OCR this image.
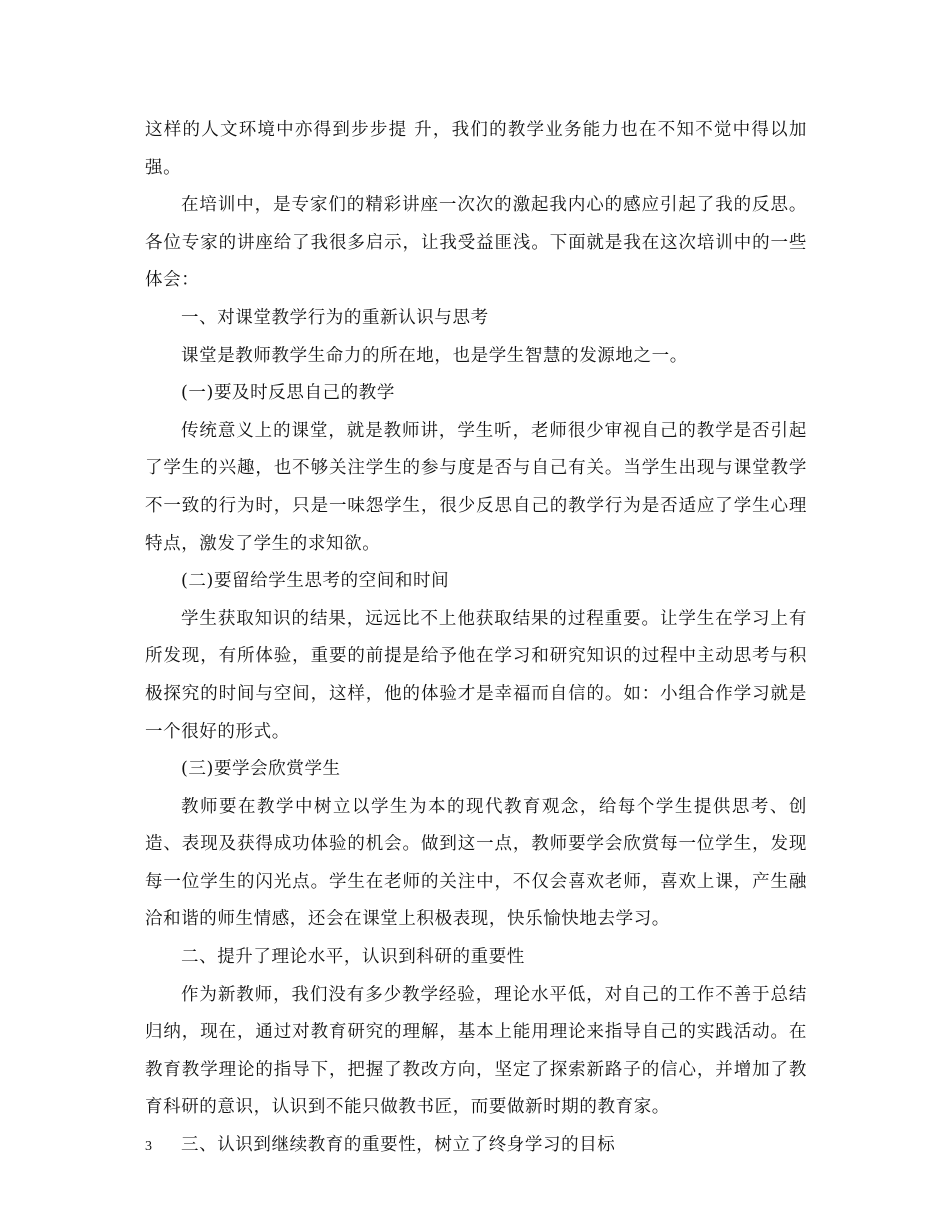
这样的人文环境中亦得到步步提 升，我们的教学业务能力也在不知不觉中得以加强。

在培训中，是专家们的精彩讲座一次次的激起我内心的感应引起了我的反思。各位专家的讲座给了我很多启示，让我受益匪浅。下面就是我在这次培训中的一些体会：

一、对课堂教学行为的重新认识与思考

课堂是教师教学生命力的所在地，也是学生智慧的发源地之一。

(一)要及时反思自己的教学

传统意义上的课堂，就是教师讲，学生听，老师很少审视自己的教学是否引起了学生的兴趣，也不够关注学生的参与度是否与自己有关。当学生出现与课堂教学不一致的行为时，只是一味怨学生，很少反思自己的教学行为是否适应了学生心理特点，激发了学生的求知欲。

(二)要留给学生思考的空间和时间

学生获取知识的结果，远远比不上他获取结果的过程重要。让学生在学习上有所发现，有所体验，重要的前提是给予他在学习和研究知识的过程中主动思考与积极探究的时间与空间，这样，他的体验才是幸福而自信的。如：小组合作学习就是一个很好的形式。

(三)要学会欣赏学生

教师要在教学中树立以学生为本的现代教育观念，给每个学生提供思考、创造、表现及获得成功体验的机会。做到这一点，教师要学会欣赏每一位学生，发现每一位学生的闪光点。学生在老师的关注中，不仅会喜欢老师，喜欢上课，产生融洽和谐的师生情感，还会在课堂上积极表现，快乐愉快地去学习。

二、提升了理论水平，认识到科研的重要性

作为新教师，我们没有多少教学经验，理论水平低，对自己的工作不善于总结归纳，现在，通过对教育研究的理解，基本上能用理论来指导自己的实践活动。在教育教学理论的指导下，把握了教改方向，坚定了探索新路子的信心，并增加了教育科研的意识，认识到不能只做教书匠，而要做新时期的教育家。

三、认识到继续教育的重要性，树立了终身学习的目标

3
